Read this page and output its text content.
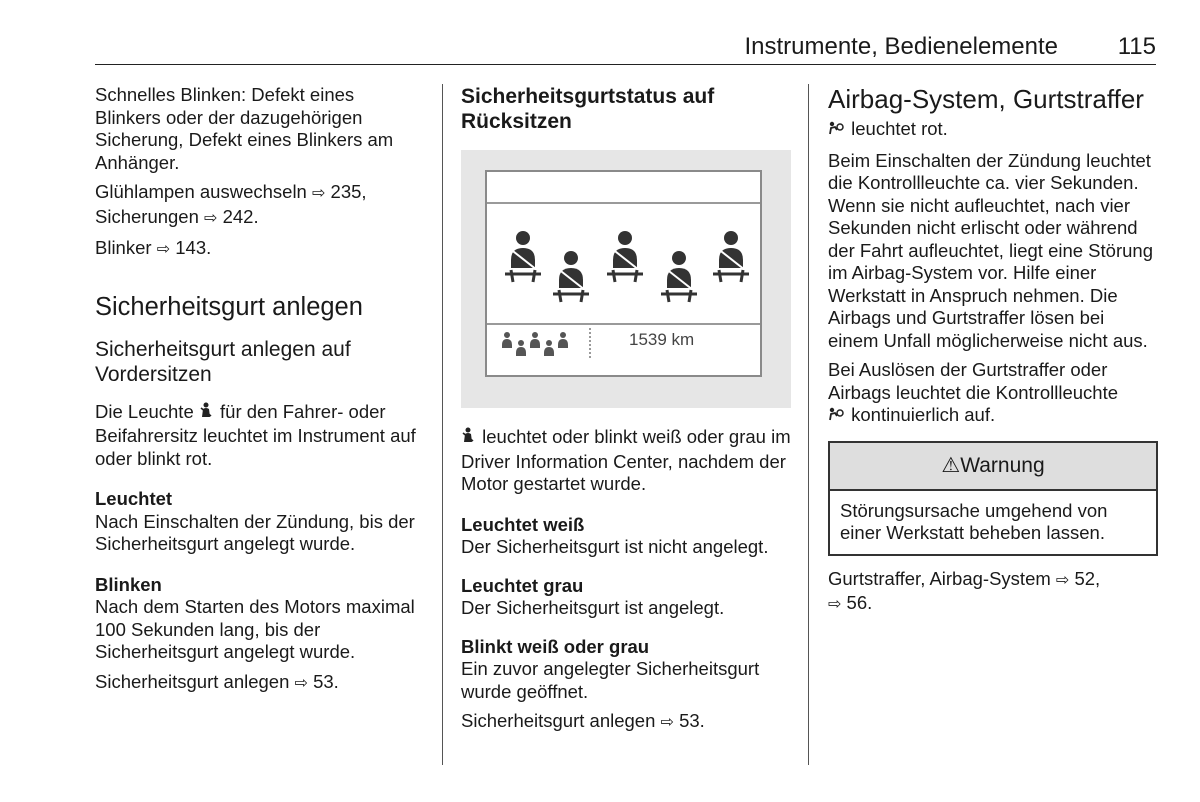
Instrumente, Bedienelemente 115

Schnelles Blinken: Defekt eines Blinkers oder der dazugehörigen Sicherung, Defekt eines Blinkers am Anhänger.

Glühlampen auswechseln ⇨ 235,
Sicherungen ⇨ 242.

Blinker ⇨ 143.

Sicherheitsgurt anlegen
Sicherheitsgurt anlegen auf Vordersitzen

Die Leuchte für den Fahrer- oder Beifahrersitz leuchtet im Instrument auf oder blinkt rot.

Leuchtet

Nach Einschalten der Zündung, bis der Sicherheitsgurt angelegt wurde.

Blinken

Nach dem Starten des Motors maximal 100 Sekunden lang, bis der Sicherheitsgurt angelegt wurde.

Sicherheitsgurt anlegen ⇨ 53.

Sicherheitsgurtstatus auf Rücksitzen
1539 km

leuchtet oder blinkt weiß oder grau im Driver Information Center, nachdem der Motor gestartet wurde.

Leuchtet weiß

Der Sicherheitsgurt ist nicht angelegt.

Leuchtet grau

Der Sicherheitsgurt ist angelegt.

Blinkt weiß oder grau

Ein zuvor angelegter Sicherheitsgurt wurde geöffnet.

Sicherheitsgurt anlegen ⇨ 53.

Airbag-System, Gurtstraffer

leuchtet rot.

Beim Einschalten der Zündung leuchtet die Kontrollleuchte ca. vier Sekunden. Wenn sie nicht aufleuchtet, nach vier Sekunden nicht erlischt oder während der Fahrt aufleuchtet, liegt eine Störung im Airbag-System vor. Hilfe einer Werkstatt in Anspruch nehmen. Die Airbags und Gurtstraffer lösen bei einem Unfall möglicherweise nicht aus.

Bei Auslösen der Gurtstraffer oder Airbags leuchtet die Kontrollleuchte
kontinuierlich auf.

⚠Warnung

Störungsursache umgehend von einer Werkstatt beheben lassen.

Gurtstraffer, Airbag-System ⇨ 52,
⇨ 56.
